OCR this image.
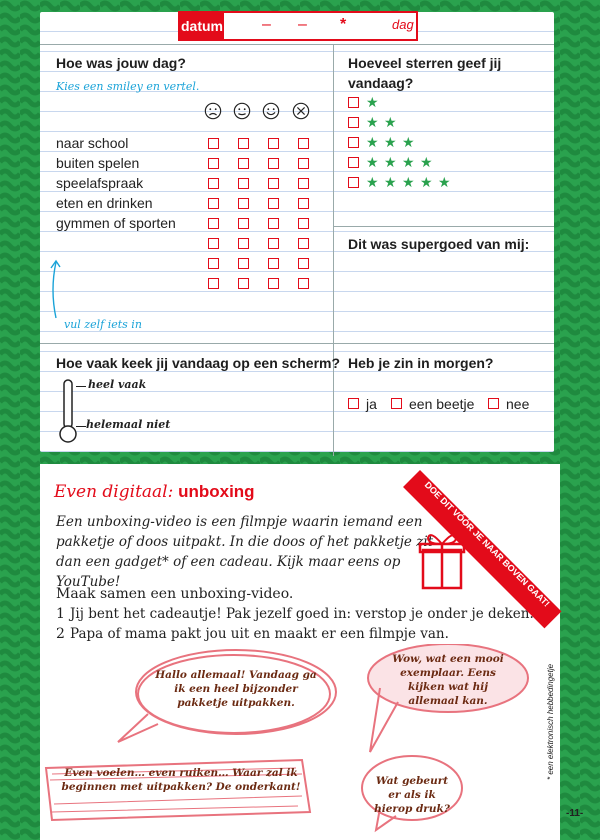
datum – – *	dag
Hoe was jouw dag?
Kies een smiley en vertel.
naar school
buiten spelen
speelafspraak
eten en drinken
gymmen of sporten
vul zelf iets in
Hoeveel sterren geef jij
vandaag?
★
★ ★
★ ★ ★
★ ★ ★ ★
★ ★ ★ ★ ★
Dit was supergoed van mij:
Hoe vaak keek jij vandaag op een scherm?
heel vaak
helemaal niet
Heb je zin in morgen?
ja een beetje nee
DOE DIT VÓÓR JE NAAR BOVEN GAAT!
Even digitaal: unboxing
Een unboxing-video is een filmpje waarin iemand een pakketje of doos uitpakt. In die doos of het pakketje zit dan een gadget* of een cadeau. Kijk maar eens op YouTube!
Maak samen een unboxing-video.
1 Jij bent het cadeautje! Pak jezelf goed in: verstop je onder je deken.
2 Papa of mama pakt jou uit en maakt er een filmpje van.
Hallo allemaal! Vandaag ga ik een heel bijzonder pakketje uitpakken.
Wow, wat een mooi exemplaar. Eens kijken wat hij allemaal kan.
Even voelen… even ruiken… Waar zal ik beginnen met uitpakken? De onderkant!	Wat gebeurt er als ik hierop druk?
* een elektronisch hebbedingetje
-11-
